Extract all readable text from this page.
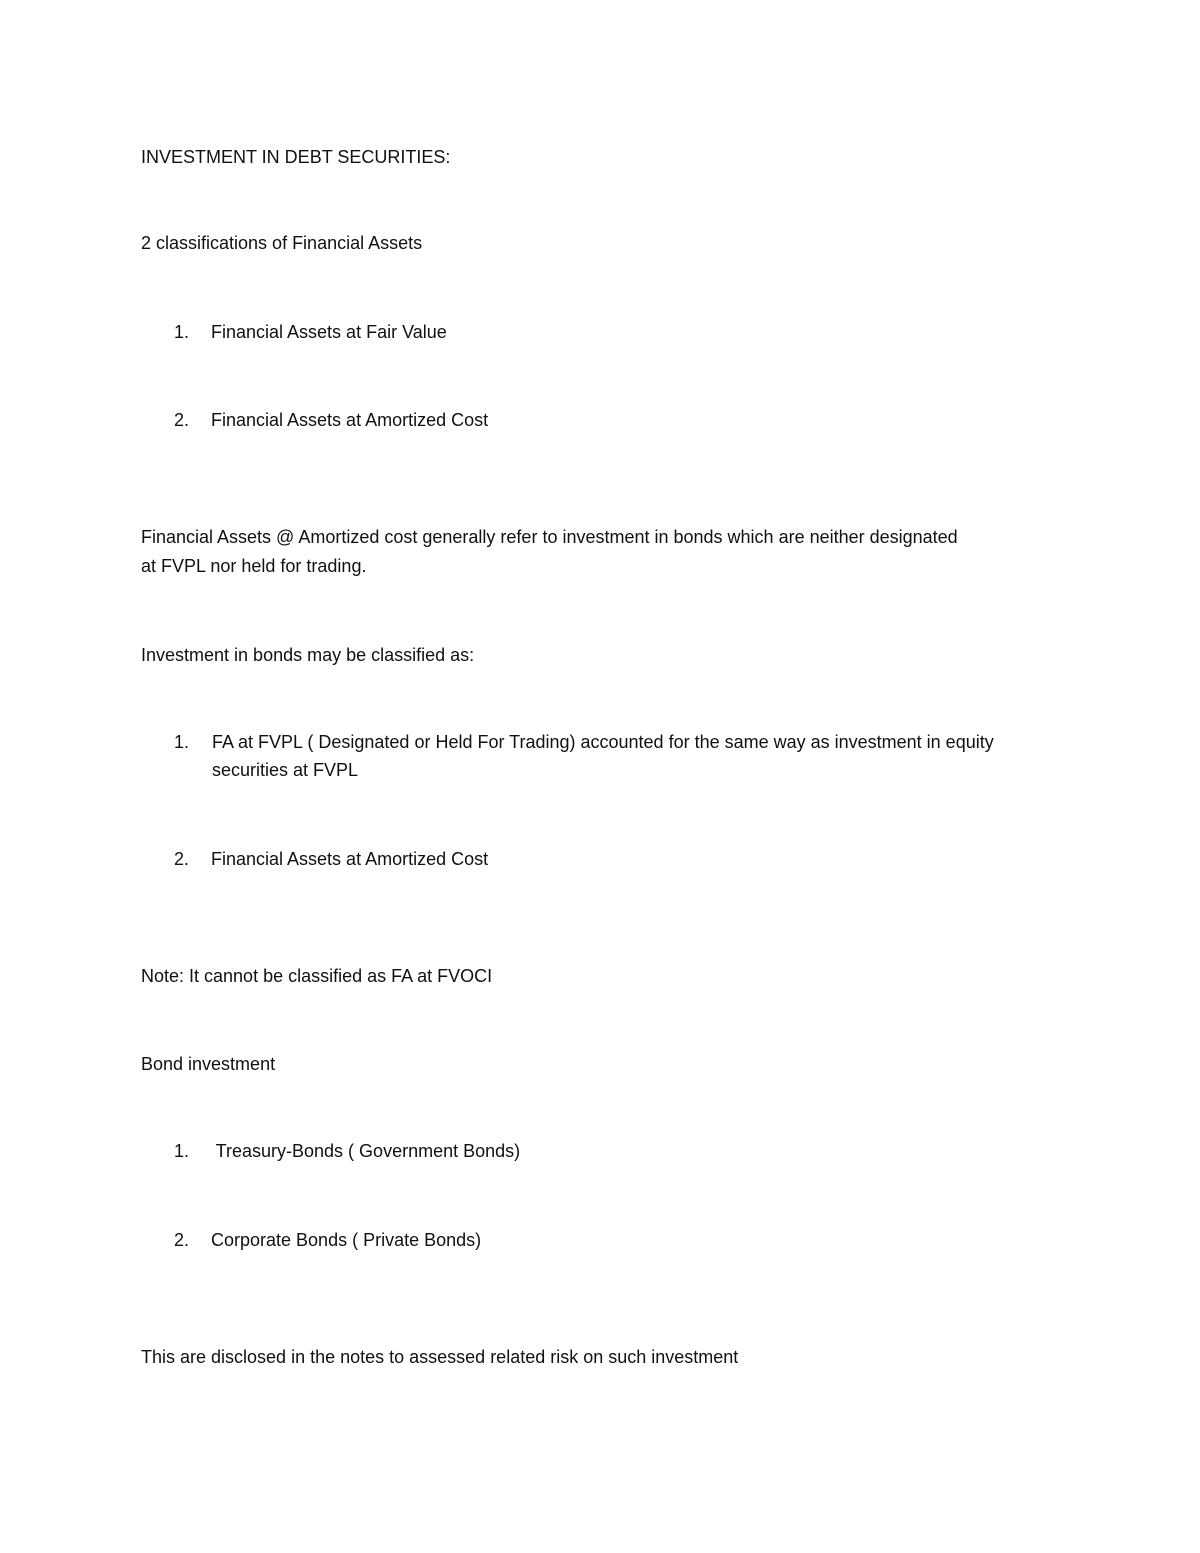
INVESTMENT IN DEBT SECURITIES:
2 classifications of Financial Assets
1. Financial Assets at Fair Value
2. Financial Assets at Amortized Cost
Financial Assets @ Amortized cost generally refer to investment in bonds which are neither designated
at FVPL nor held for trading.
Investment in bonds may be classified as:
1.	FA at FVPL ( Designated or Held For Trading) accounted for the same way as investment in equity
securities at FVPL
2. Financial Assets at Amortized Cost
Note: It cannot be classified as FA at FVOCI
Bond investment
1. Treasury-Bonds ( Government Bonds)
2. Corporate Bonds ( Private Bonds)
This are disclosed in the notes to assessed related risk on such investment
